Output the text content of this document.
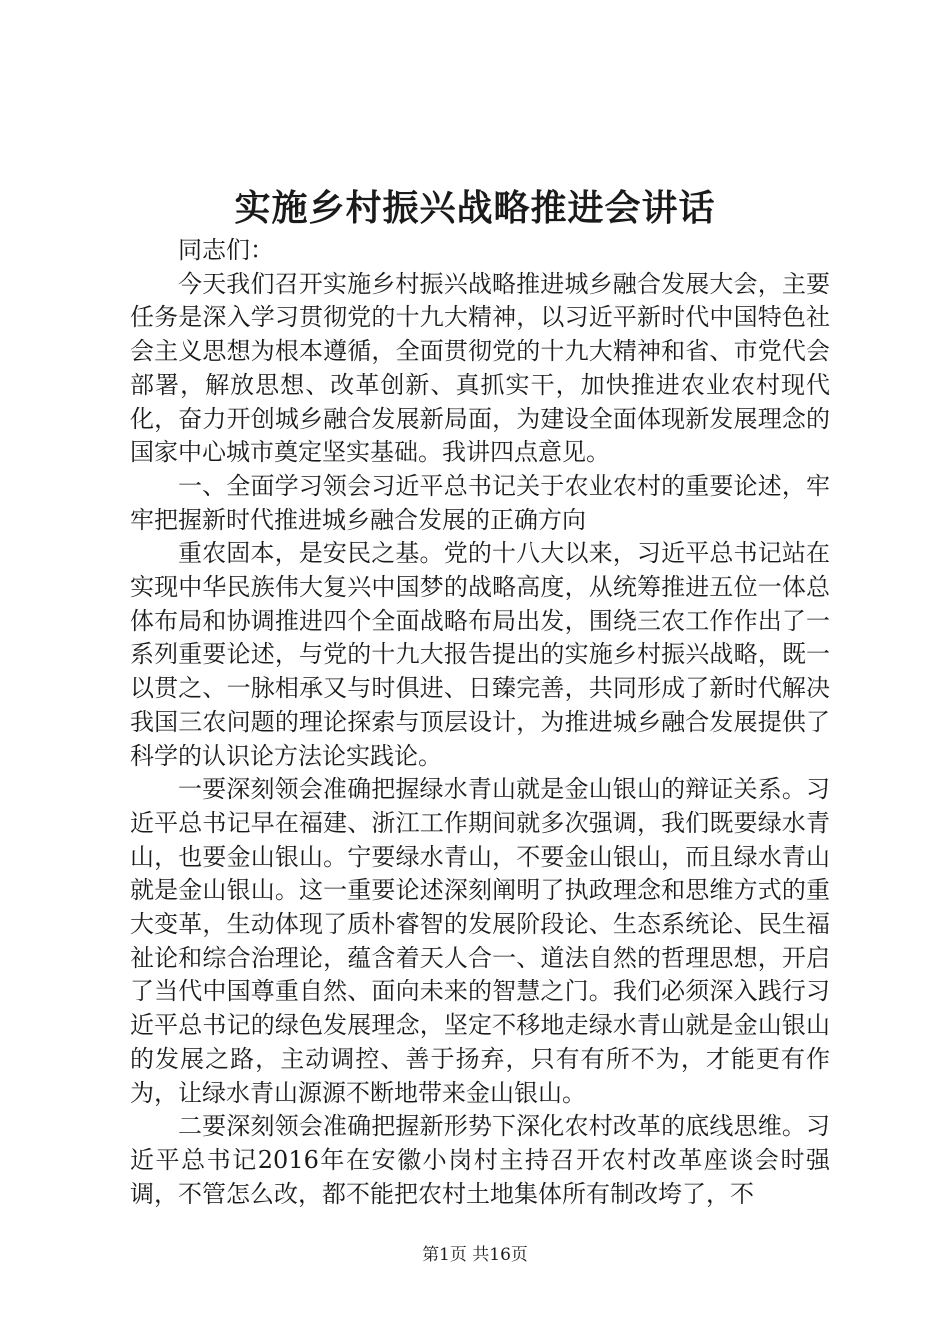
实施乡村振兴战略推进会讲话

同志们：

今天我们召开实施乡村振兴战略推进城乡融合发展大会，主要任务是深入学习贯彻党的十九大精神，以习近平新时代中国特色社会主义思想为根本遵循，全面贯彻党的十九大精神和省、市党代会部署，解放思想、改革创新、真抓实干，加快推进农业农村现代化，奋力开创城乡融合发展新局面，为建设全面体现新发展理念的国家中心城市奠定坚实基础。我讲四点意见。

一、全面学习领会习近平总书记关于农业农村的重要论述，牢牢把握新时代推进城乡融合发展的正确方向

重农固本，是安民之基。党的十八大以来，习近平总书记站在实现中华民族伟大复兴中国梦的战略高度，从统筹推进五位一体总体布局和协调推进四个全面战略布局出发，围绕三农工作作出了一系列重要论述，与党的十九大报告提出的实施乡村振兴战略，既一以贯之、一脉相承又与时俱进、日臻完善，共同形成了新时代解决我国三农问题的理论探索与顶层设计，为推进城乡融合发展提供了科学的认识论方法论实践论。

一要深刻领会准确把握绿水青山就是金山银山的辩证关系。习近平总书记早在福建、浙江工作期间就多次强调，我们既要绿水青山，也要金山银山。宁要绿水青山，不要金山银山，而且绿水青山就是金山银山。这一重要论述深刻阐明了执政理念和思维方式的重大变革，生动体现了质朴睿智的发展阶段论、生态系统论、民生福祉论和综合治理论，蕴含着天人合一、道法自然的哲理思想，开启了当代中国尊重自然、面向未来的智慧之门。我们必须深入践行习近平总书记的绿色发展理念，坚定不移地走绿水青山就是金山银山的发展之路，主动调控、善于扬弃，只有有所不为，才能更有作为，让绿水青山源源不断地带来金山银山。

二要深刻领会准确把握新形势下深化农村改革的底线思维。习近平总书记2016年在安徽小岗村主持召开农村改革座谈会时强调，不管怎么改，都不能把农村土地集体所有制改垮了，不

第1页 共16页
